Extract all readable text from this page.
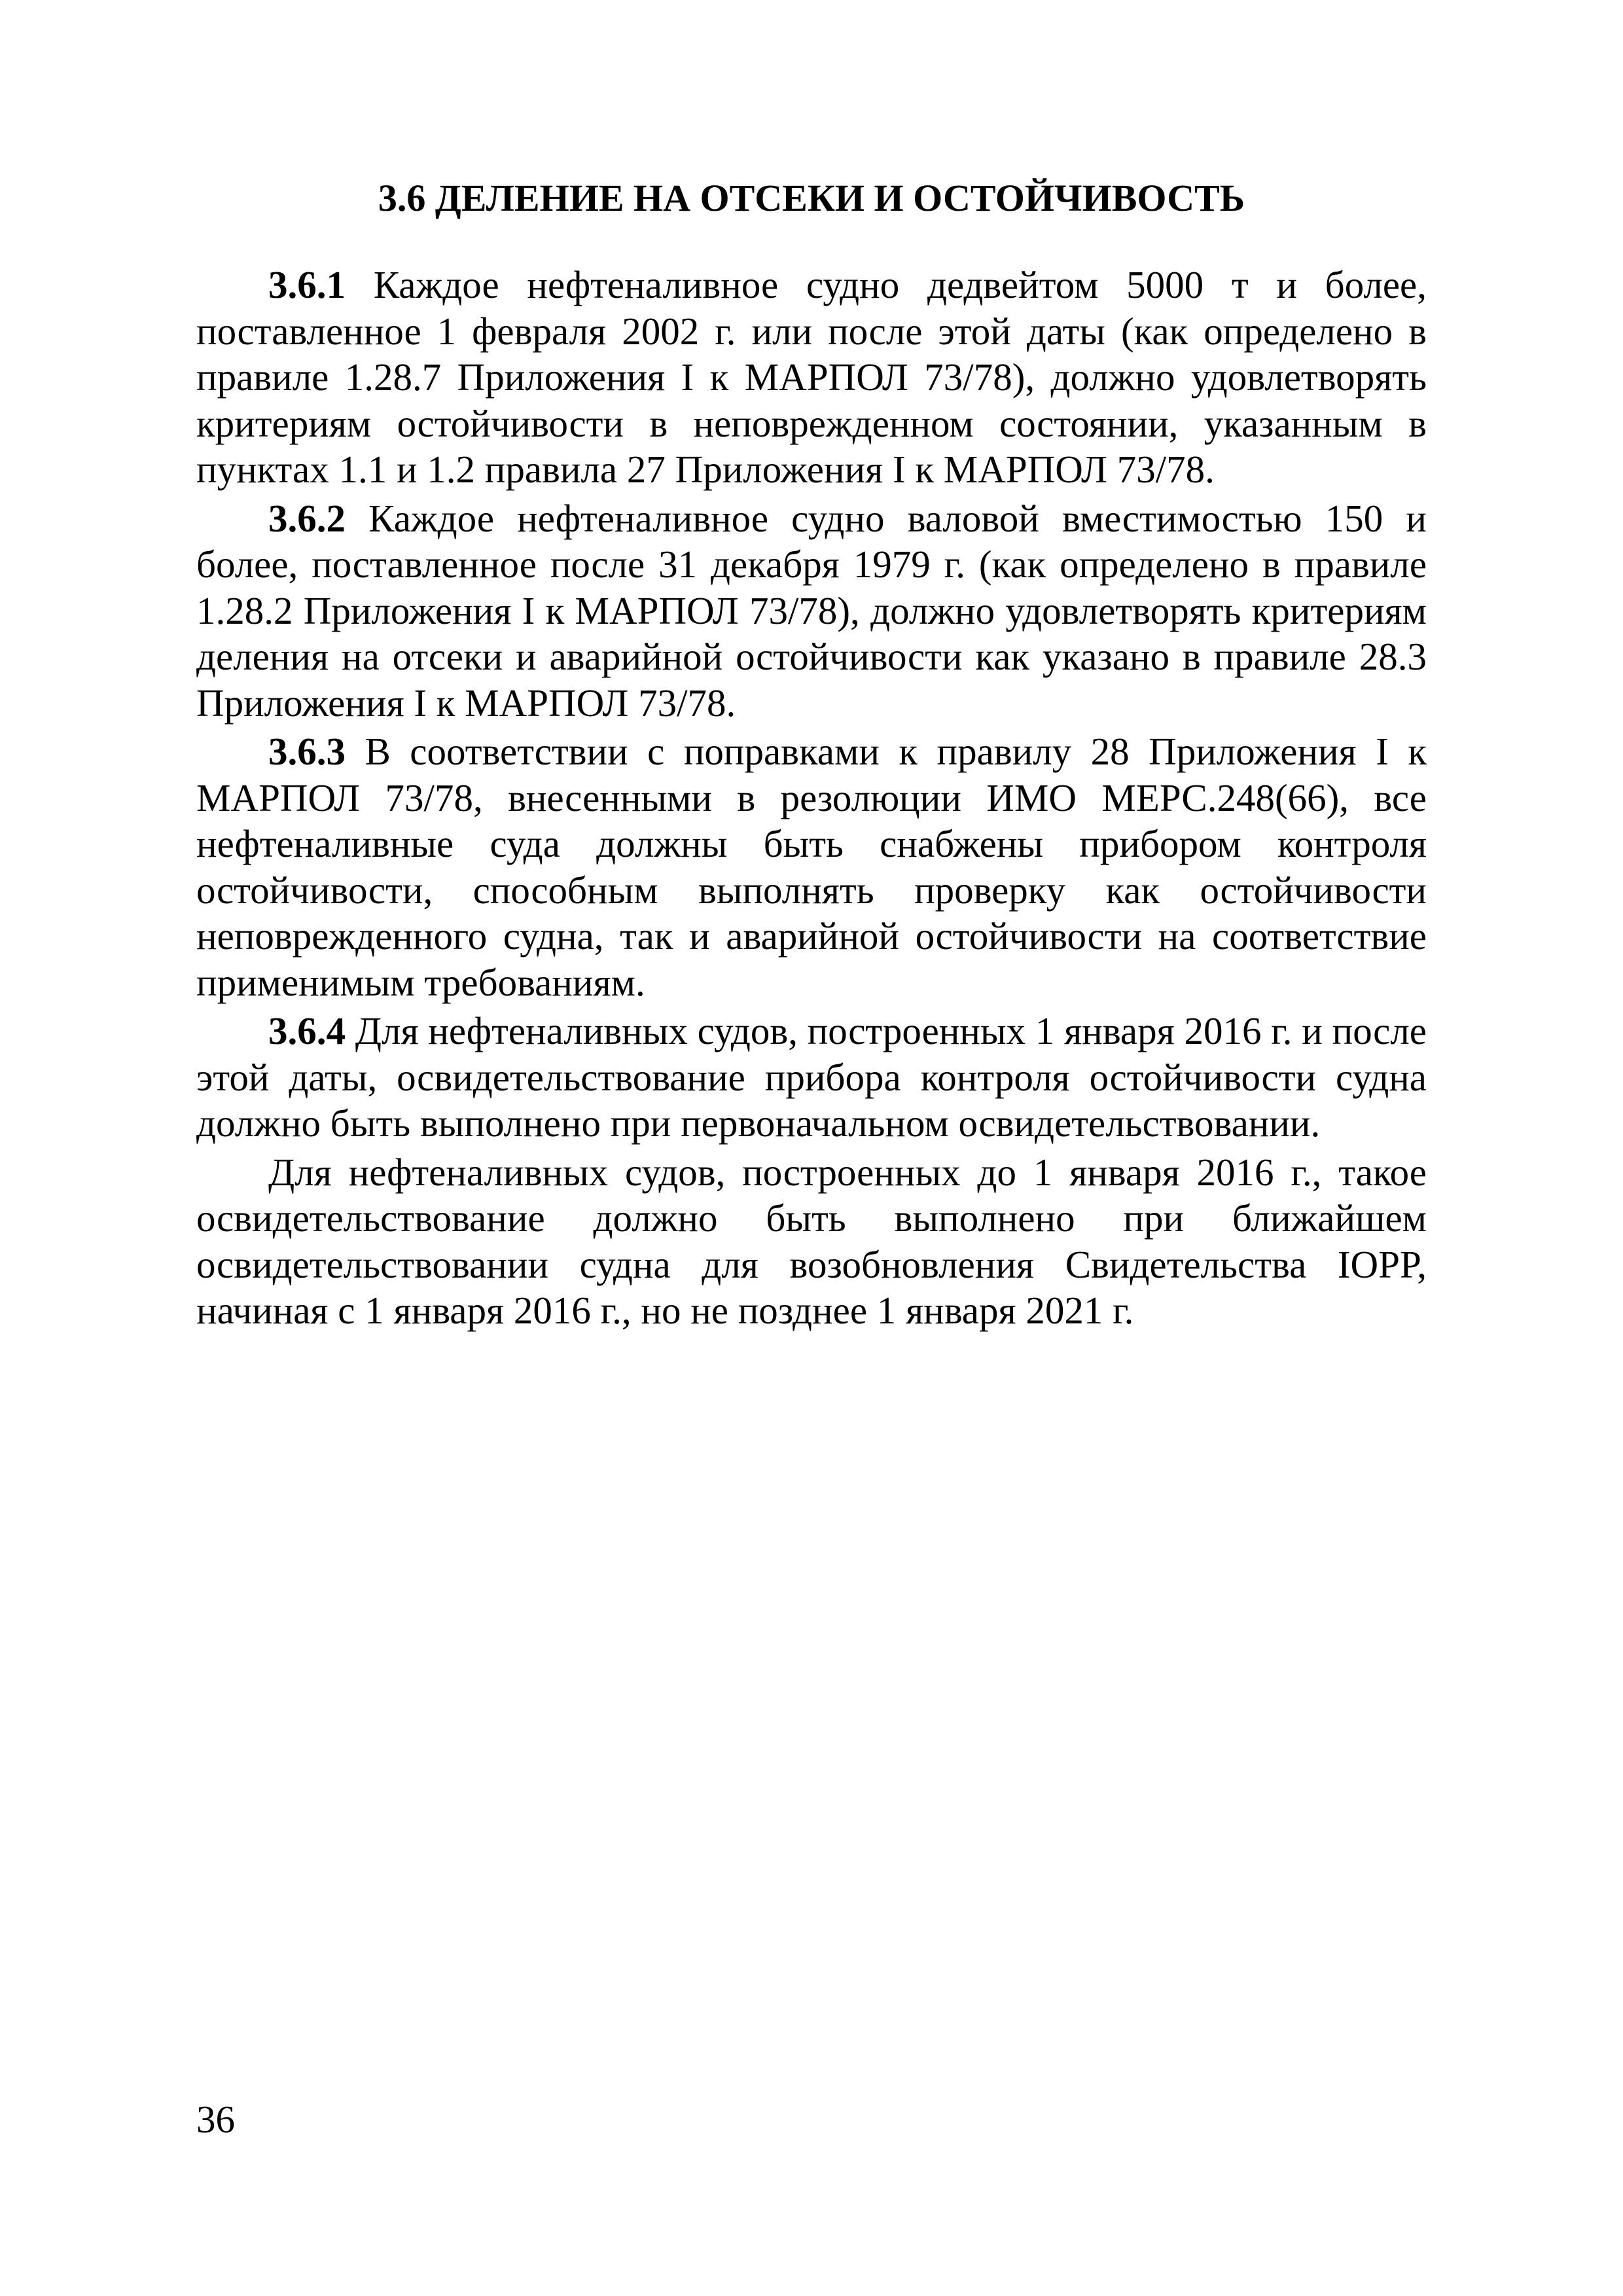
3.6 ДЕЛЕНИЕ НА ОТСЕКИ И ОСТОЙЧИВОСТЬ

3.6.1 Каждое нефтеналивное судно дедвейтом 5000 т и более, поставленное 1 февраля 2002 г. или после этой даты (как определено в правиле 1.28.7 Приложения I к МАРПОЛ 73/78), должно удовлетворять критериям остойчивости в неповрежденном состоянии, указанным в пунктах 1.1 и 1.2 правила 27 Приложения I к МАРПОЛ 73/78.

3.6.2 Каждое нефтеналивное судно валовой вместимостью 150 и более, поставленное после 31 декабря 1979 г. (как определено в правиле 1.28.2 Приложения I к МАРПОЛ 73/78), должно удовлетворять критериям деления на отсеки и аварийной остойчивости как указано в правиле 28.3 Приложения I к МАРПОЛ 73/78.

3.6.3 В соответствии с поправками к правилу 28 Приложения I к МАРПОЛ 73/78, внесенными в резолюции ИМО МЕРС.248(66), все нефтеналивные суда должны быть снабжены прибором контроля остойчивости, способным выполнять проверку как остойчивости неповрежденного судна, так и аварийной остойчивости на соответствие применимым требованиям.

3.6.4 Для нефтеналивных судов, построенных 1 января 2016 г. и после этой даты, освидетельствование прибора контроля остойчивости судна должно быть выполнено при первоначальном освидетельствовании.

Для нефтеналивных судов, построенных до 1 января 2016 г., такое освидетельствование должно быть выполнено при ближайшем освидетельствовании судна для возобновления Свидетельства IOPP, начиная с 1 января 2016 г., но не позднее 1 января 2021 г.

36
